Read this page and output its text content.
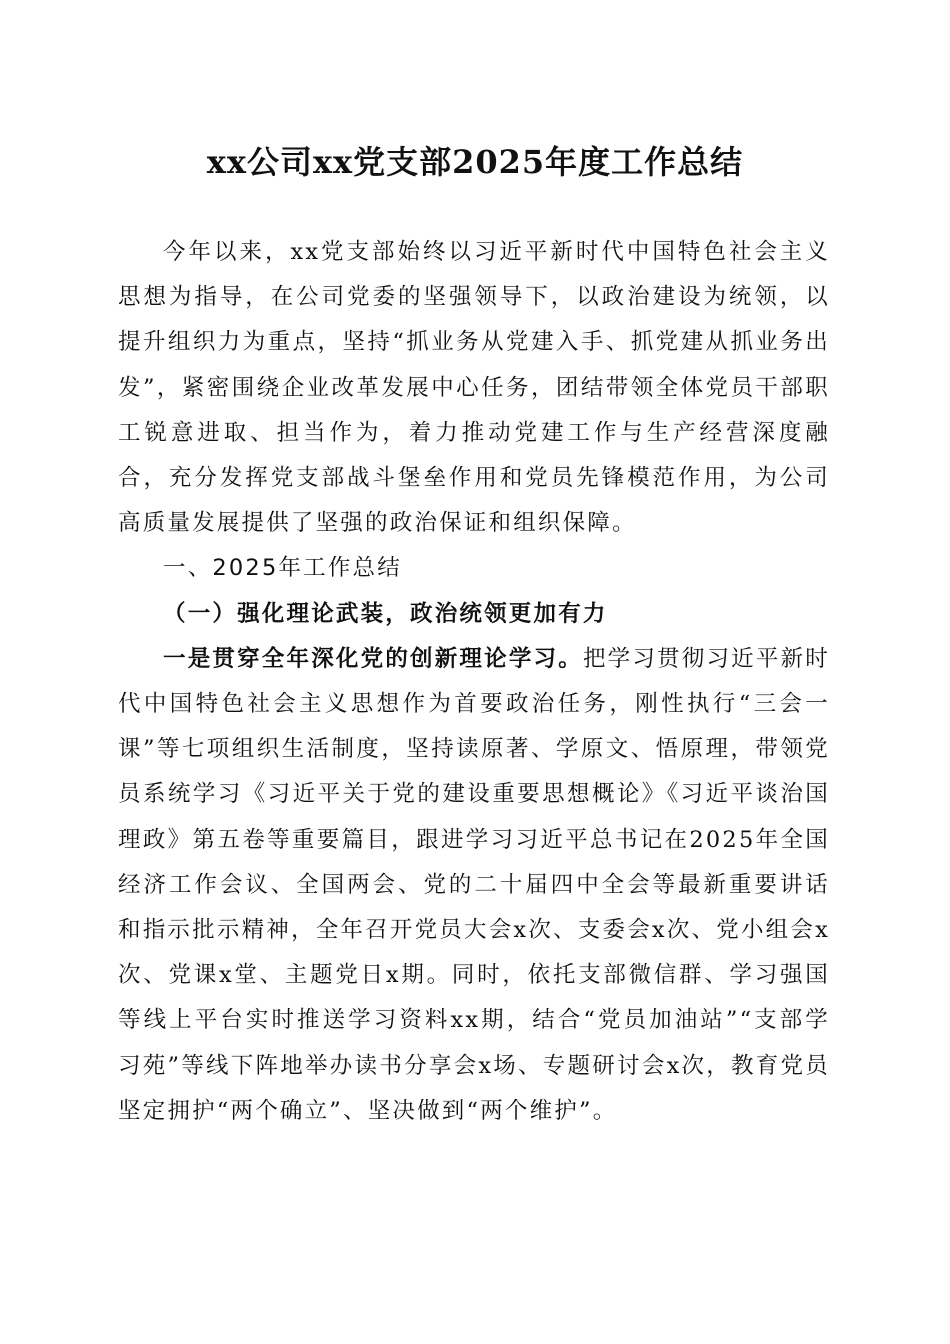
xx公司xx党支部2025年度工作总结

今年以来，xx党支部始终以习近平新时代中国特色社会主义思想为指导，在公司党委的坚强领导下，以政治建设为统领，以提升组织力为重点，坚持“抓业务从党建入手、抓党建从抓业务出发”，紧密围绕企业改革发展中心任务，团结带领全体党员干部职工锐意进取、担当作为，着力推动党建工作与生产经营深度融合，充分发挥党支部战斗堡垒作用和党员先锋模范作用，为公司高质量发展提供了坚强的政治保证和组织保障。

一、2025年工作总结
（一）强化理论武装，政治统领更加有力

一是贯穿全年深化党的创新理论学习。把学习贯彻习近平新时代中国特色社会主义思想作为首要政治任务，刚性执行“三会一课”等七项组织生活制度，坚持读原著、学原文、悟原理，带领党员系统学习《习近平关于党的建设重要思想概论》《习近平谈治国理政》第五卷等重要篇目，跟进学习习近平总书记在2025年全国经济工作会议、全国两会、党的二十届四中全会等最新重要讲话和指示批示精神，全年召开党员大会x次、支委会x次、党小组会x次、党课x堂、主题党日x期。同时，依托支部微信群、学习强国等线上平台实时推送学习资料xx期，结合“党员加油站”“支部学习苑”等线下阵地举办读书分享会x场、专题研讨会x次，教育党员坚定拥护“两个确立”、坚决做到“两个维护”。
